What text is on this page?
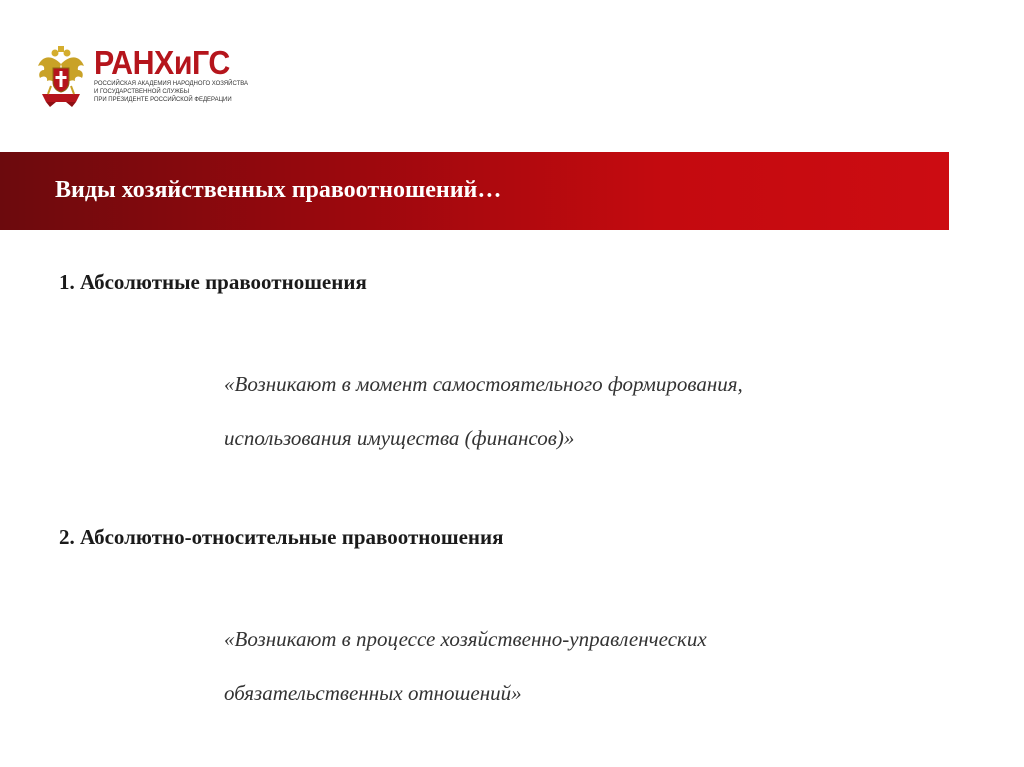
РАНХиГС
РОССИЙСКАЯ АКАДЕМИЯ НАРОДНОГО ХОЗЯЙСТВА
И ГОСУДАРСТВЕННОЙ СЛУЖБЫ
ПРИ ПРЕЗИДЕНТЕ РОССИЙСКОЙ ФЕДЕРАЦИИ
Виды хозяйственных правоотношений…
1. Абсолютные правоотношения

«Возникают в момент самостоятельного формирования,
использования имущества (финансов)»

2. Абсолютно-относительные правоотношения

«Возникают в процессе хозяйственно-управленческих
обязательственных отношений»
